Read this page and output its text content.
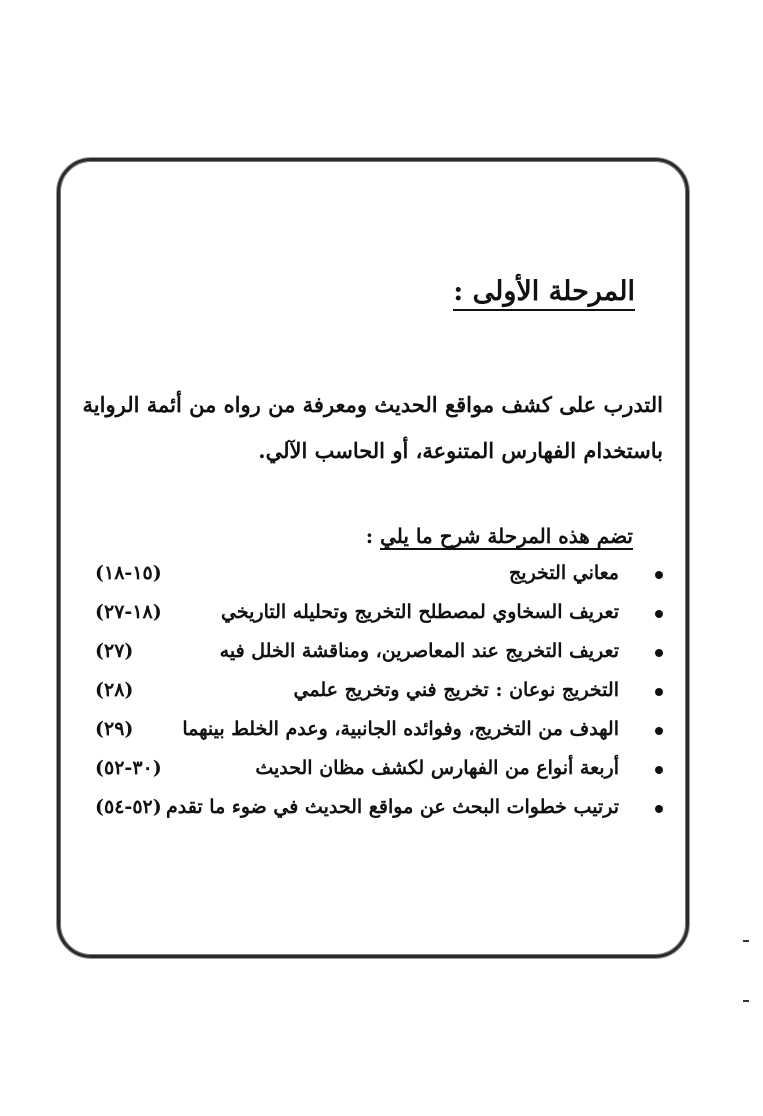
المرحلة الأولى :

التدرب على كشف مواقع الحديث ومعرفة من رواه من أئمة الرواية
باستخدام الفهارس المتنوعة، أو الحاسب الآلي.

تضم هذه المرحلة شرح ما يلي :
معاني التخريج
(١٥-١٨)
تعريف السخاوي لمصطلح التخريج وتحليله التاريخي
(١٨-٢٧)
تعريف التخريج عند المعاصرين، ومناقشة الخلل فيه
(٢٧)
التخريج نوعان : تخريج فني وتخريج علمي
(٢٨)
الهدف من التخريج، وفوائده الجانبية، وعدم الخلط بينهما
(٢٩)
أربعة أنواع من الفهارس لكشف مظان الحديث
(٣٠-٥٢)
ترتيب خطوات البحث عن مواقع الحديث في ضوء ما تقدم
(٥٢-٥٤)
